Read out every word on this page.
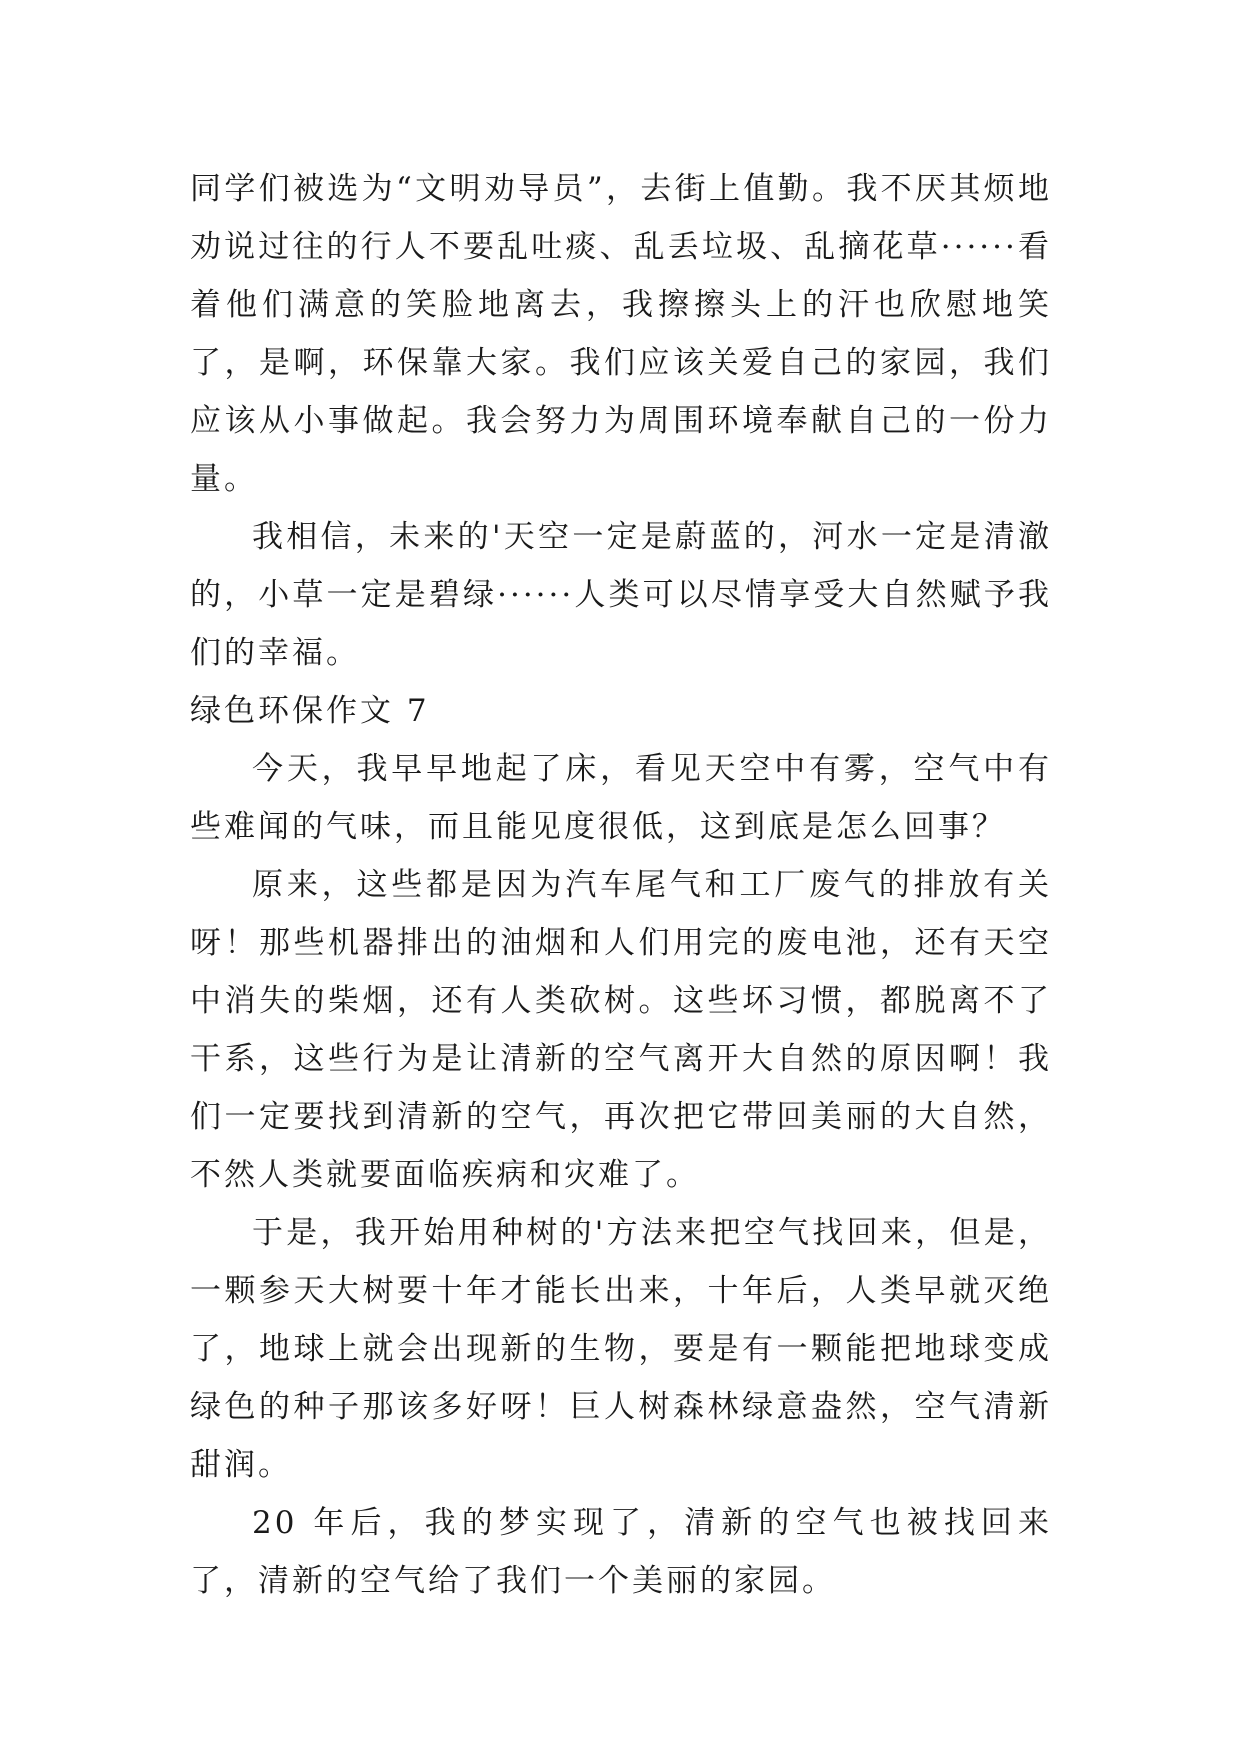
同学们被选为“文明劝导员”，去街上值勤。我不厌其烦地劝说过往的行人不要乱吐痰、乱丢垃圾、乱摘花草······看着他们满意的笑脸地离去，我擦擦头上的汗也欣慰地笑了，是啊，环保靠大家。我们应该关爱自己的家园，我们应该从小事做起。我会努力为周围环境奉献自己的一份力量。

我相信，未来的'天空一定是蔚蓝的，河水一定是清澈的，小草一定是碧绿······人类可以尽情享受大自然赋予我们的幸福。

绿色环保作文 7

今天，我早早地起了床，看见天空中有雾，空气中有些难闻的气味，而且能见度很低，这到底是怎么回事？

原来，这些都是因为汽车尾气和工厂废气的排放有关呀！那些机器排出的油烟和人们用完的废电池，还有天空中消失的柴烟，还有人类砍树。这些坏习惯，都脱离不了干系，这些行为是让清新的空气离开大自然的原因啊！我们一定要找到清新的空气，再次把它带回美丽的大自然，不然人类就要面临疾病和灾难了。

于是，我开始用种树的'方法来把空气找回来，但是，一颗参天大树要十年才能长出来，十年后，人类早就灭绝了，地球上就会出现新的生物，要是有一颗能把地球变成绿色的种子那该多好呀！巨人树森林绿意盎然，空气清新甜润。

20 年后，我的梦实现了，清新的空气也被找回来了，清新的空气给了我们一个美丽的家园。
